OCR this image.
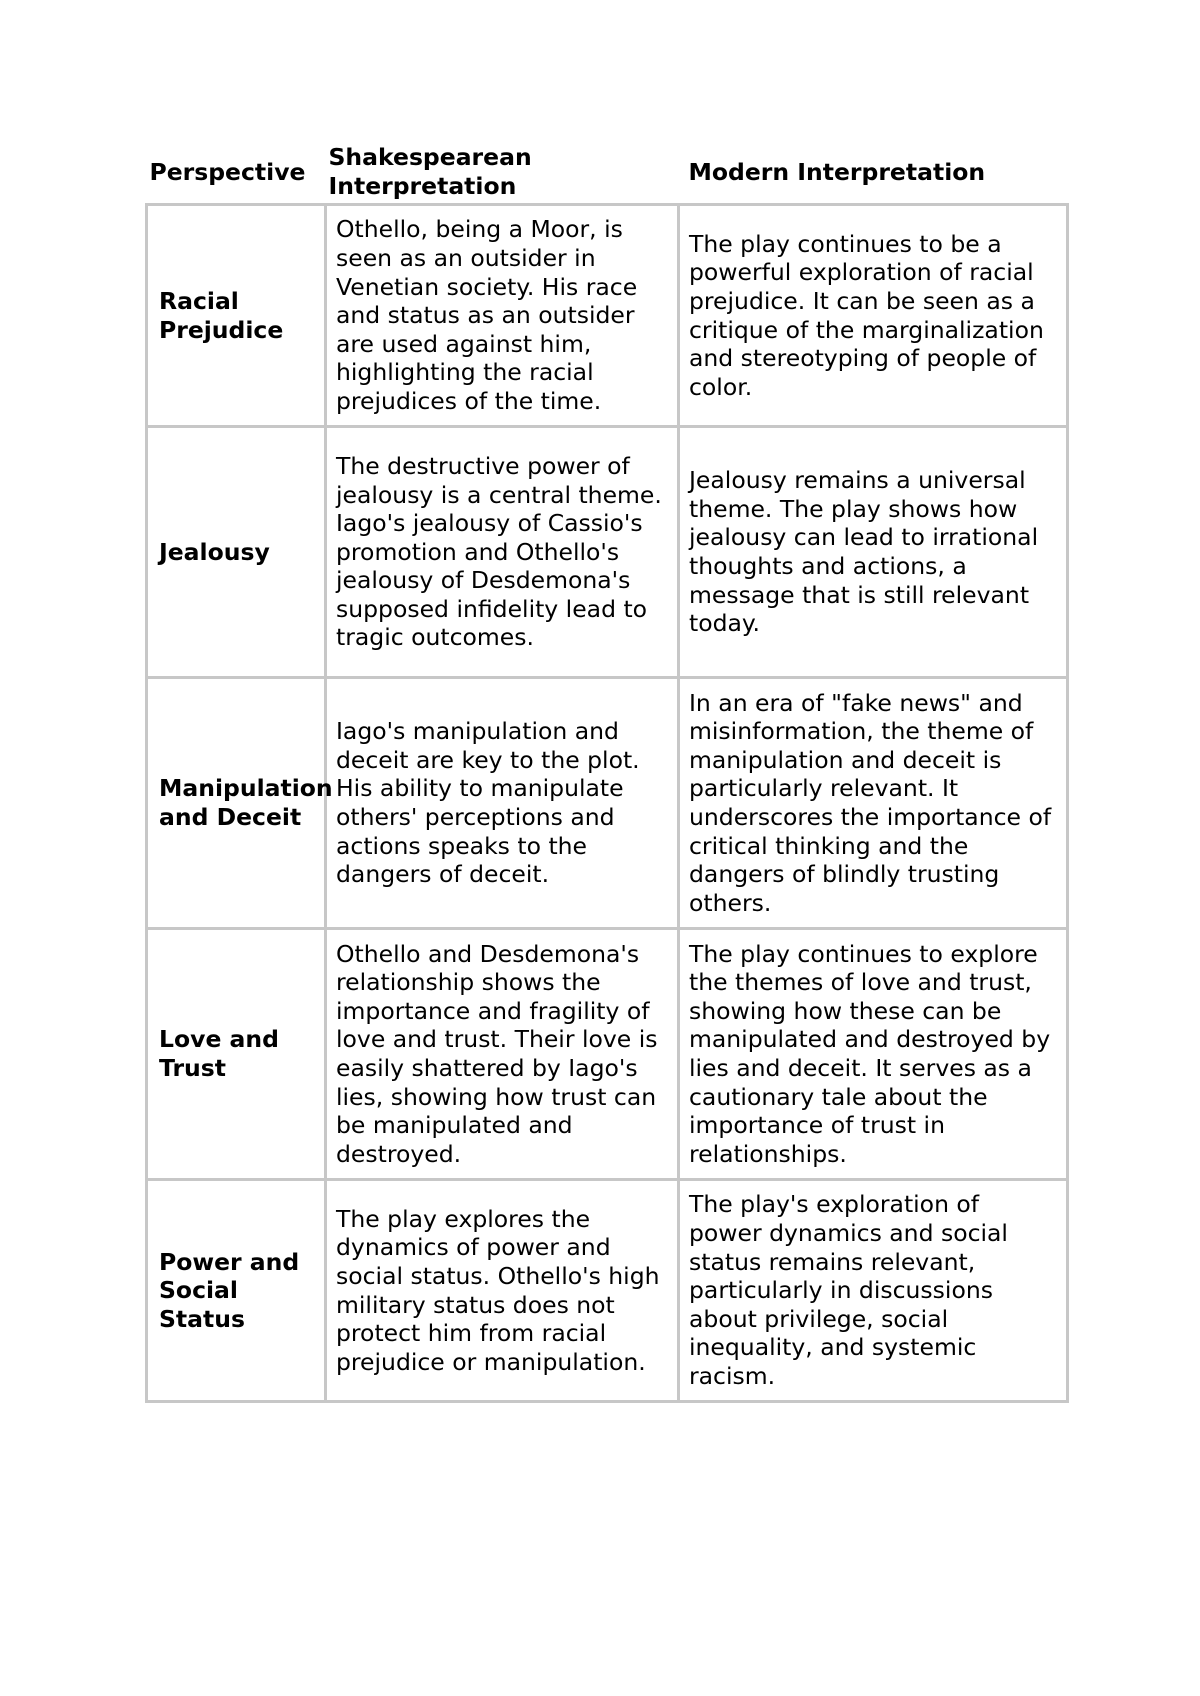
Perspective	Shakespearean Interpretation	Modern Interpretation
Racial Prejudice	Othello, being a Moor, is seen as an outsider in Venetian society. His race and status as an outsider are used against him, highlighting the racial prejudices of the time.	The play continues to be a powerful exploration of racial prejudice. It can be seen as a critique of the marginalization and stereotyping of people of color.
Jealousy	The destructive power of jealousy is a central theme. Iago's jealousy of Cassio's promotion and Othello's jealousy of Desdemona's supposed infidelity lead to tragic outcomes.	Jealousy remains a universal theme. The play shows how jealousy can lead to irrational thoughts and actions, a message that is still relevant today.
Manipulation and Deceit	Iago's manipulation and deceit are key to the plot. His ability to manipulate others' perceptions and actions speaks to the dangers of deceit.	In an era of "fake news" and misinformation, the theme of manipulation and deceit is particularly relevant. It underscores the importance of critical thinking and the dangers of blindly trusting others.
Love and Trust	Othello and Desdemona's relationship shows the importance and fragility of love and trust. Their love is easily shattered by Iago's lies, showing how trust can be manipulated and destroyed.	The play continues to explore the themes of love and trust, showing how these can be manipulated and destroyed by lies and deceit. It serves as a cautionary tale about the importance of trust in relationships.
Power and Social Status	The play explores the dynamics of power and social status. Othello's high military status does not protect him from racial prejudice or manipulation.	The play's exploration of power dynamics and social status remains relevant, particularly in discussions about privilege, social inequality, and systemic racism.
